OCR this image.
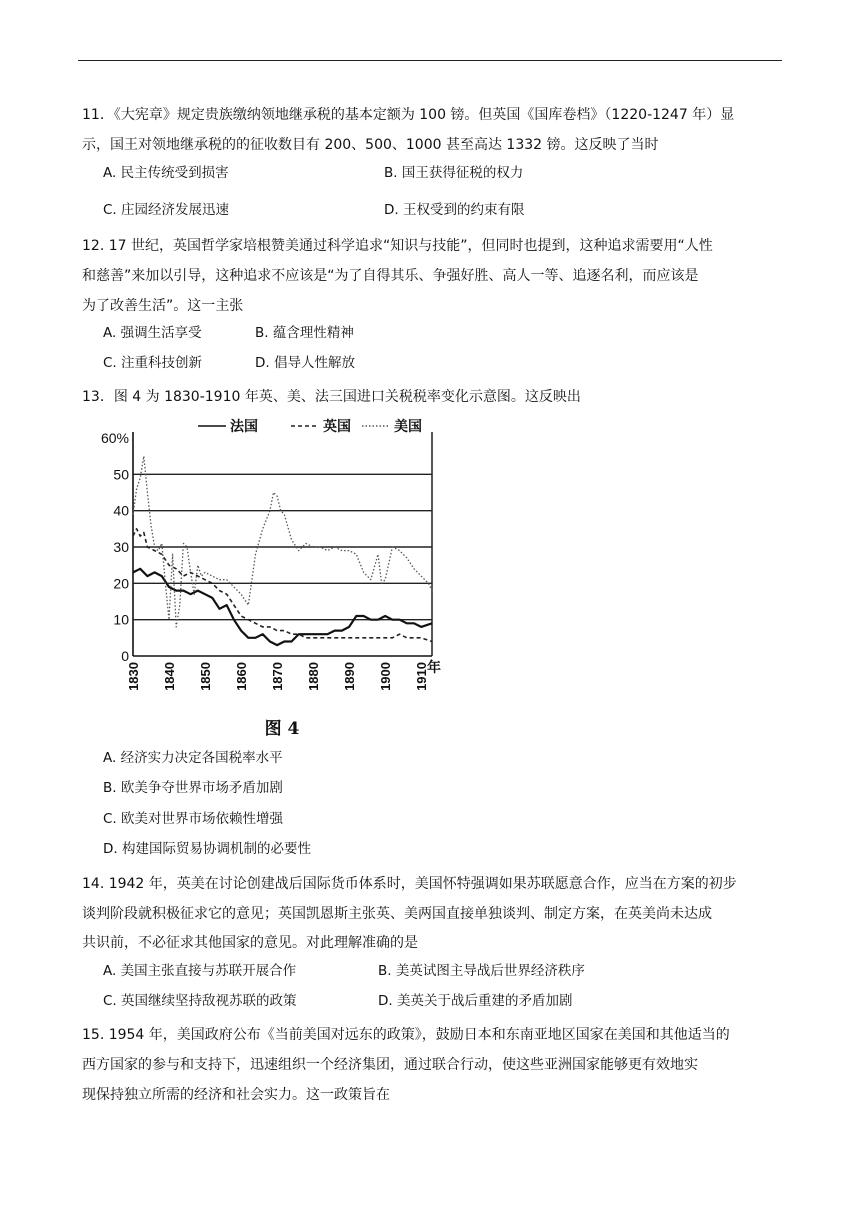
11．《大宪章》规定贵族缴纳领地继承税的基本定额为 100 镑。但英国《国库卷档》（1220-1247 年）显
示，国王对领地继承税的的征收数目有 200、500、1000 甚至高达 1332 镑。这反映了当时
A. 民主传统受到损害	B. 国王获得征税的权力
C. 庄园经济发展迅速	D. 王权受到的约束有限
12. 17 世纪，英国哲学家培根赞美通过科学追求“知识与技能”，但同时也提到，这种追求需要用“人性
和慈善”来加以引导，这种追求不应该是“为了自得其乐、争强好胜、高人一等、追逐名利，而应该是
为了改善生活”。这一主张
A. 强调生活享受	B. 蕴含理性精神
C. 注重科技创新	D. 倡导人性解放
13．图 4 为 1830-1910 年英、美、法三国进口关税税率变化示意图。这反映出
0
10
20
30
40
50
60%
1830 1840 1850 1860 1870 1880 1890 1900 1910
年
法国	英国	美国
图 4
A. 经济实力决定各国税率水平
B. 欧美争夺世界市场矛盾加剧
C. 欧美对世界市场依赖性增强
D. 构建国际贸易协调机制的必要性
14. 1942 年，英美在讨论创建战后国际货币体系时，美国怀特强调如果苏联愿意合作，应当在方案的初步
谈判阶段就积极征求它的意见；英国凯恩斯主张英、美两国直接单独谈判、制定方案，在英美尚未达成
共识前，不必征求其他国家的意见。对此理解准确的是
A. 美国主张直接与苏联开展合作	B. 美英试图主导战后世界经济秩序
C. 英国继续坚持敌视苏联的政策	D. 美英关于战后重建的矛盾加剧
15. 1954 年，美国政府公布《当前美国对远东的政策》，鼓励日本和东南亚地区国家在美国和其他适当的
西方国家的参与和支持下，迅速组织一个经济集团，通过联合行动，使这些亚洲国家能够更有效地实
现保持独立所需的经济和社会实力。这一政策旨在
